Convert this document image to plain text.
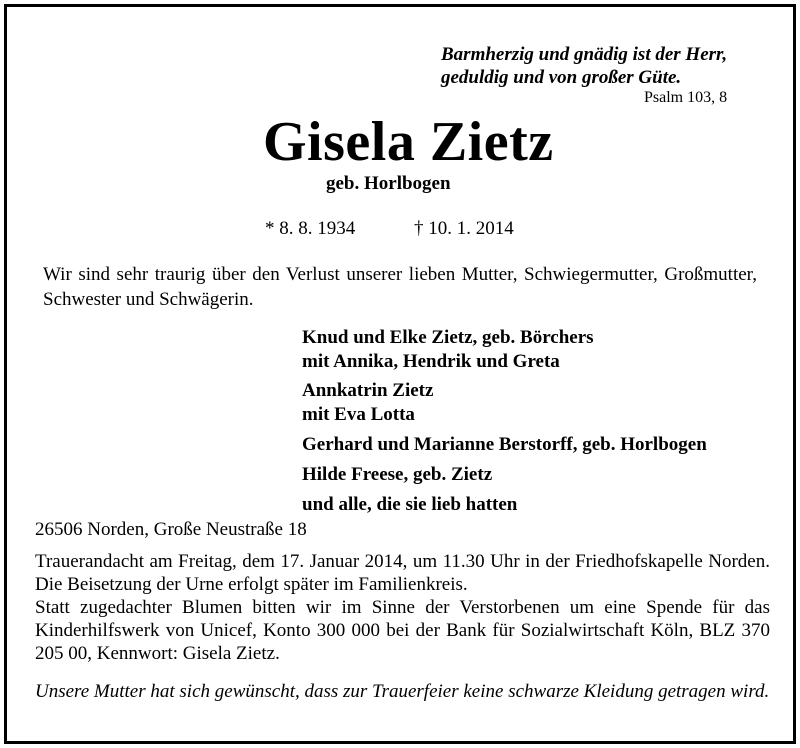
Barmherzig und gnädig ist der Herr,
geduldig und von großer Güte.
Psalm 103, 8
Gisela Zietz
geb. Horlbogen
* 8. 8. 1934	† 10. 1. 2014
Wir sind sehr traurig über den Verlust unserer lieben Mutter, Schwiegermutter, Großmutter, Schwester und Schwägerin.
Knud und Elke Zietz, geb. Börchers
mit Annika, Hendrik und Greta
Annkatrin Zietz
mit Eva Lotta
Gerhard und Marianne Berstorff, geb. Horlbogen
Hilde Freese, geb. Zietz
und alle, die sie lieb hatten
26506 Norden, Große Neustraße 18

Trauerandacht am Freitag, dem 17. Januar 2014, um 11.30 Uhr in der Friedhofskapelle Norden. Die Beisetzung der Urne erfolgt später im Familienkreis.

Statt zugedachter Blumen bitten wir im Sinne der Verstorbenen um eine Spende für das Kinderhilfswerk von Unicef, Konto 300 000 bei der Bank für Sozialwirtschaft Köln, BLZ 370 205 00, Kennwort: Gisela Zietz.

Unsere Mutter hat sich gewünscht, dass zur Trauerfeier keine schwarze Kleidung getragen wird.
